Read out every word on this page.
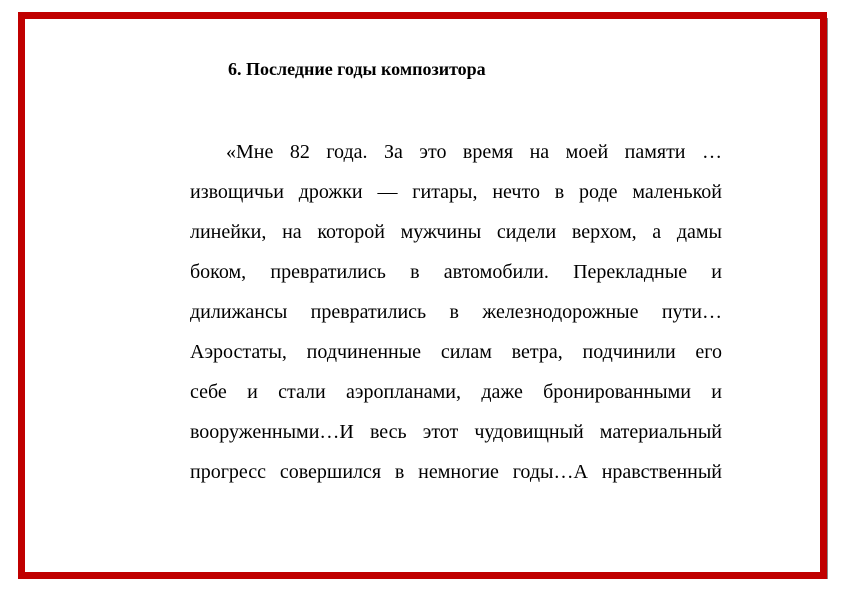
6. Последние годы композитора
«Мне 82 года. За это время на моей памяти …
извощичьи дрожки — гитары, нечто в роде маленькой
линейки, на которой мужчины сидели верхом, а дамы
боком, превратились в автомобили. Перекладные и
дилижансы превратились в железнодорожные пути…
Аэростаты, подчиненные силам ветра, подчинили его
себе и стали аэропланами, даже бронированными и
вооруженными…И весь этот чудовищный материальный
прогресс совершился в немногие годы…А нравственный
